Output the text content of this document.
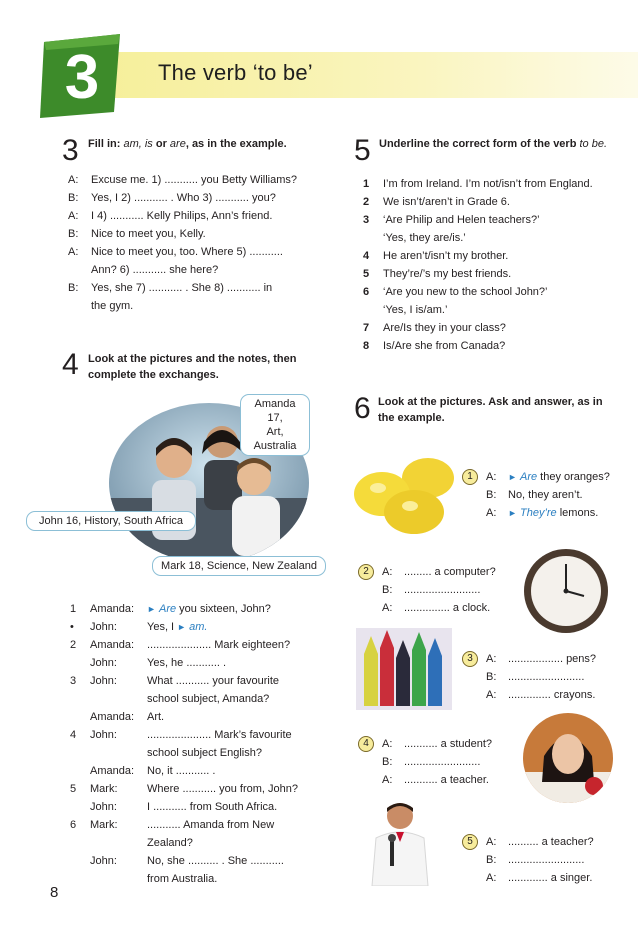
3	The verb ‘to be’
3 Fill in: am, is or are, as in the example.
A: Excuse me. 1) ........... you Betty Williams?
B: Yes, I 2) ........... . Who 3) ........... you?
A: I 4) ........... Kelly Philips, Ann’s friend.
B: Nice to meet you, Kelly.
A: Nice to meet you, too. Where 5) ...........
Ann? 6) ........... she here?
B: Yes, she 7) ........... . She 8) ........... in
the gym.
4 Look at the pictures and the notes, then
complete the exchanges.
Amanda 17,
Art,
Australia
John 16, History, South Africa
Mark 18, Science, New Zealand
1 Amanda: ► Are you sixteen, John?
• John:	Yes, I ► am.
2 Amanda: ..................... Mark eighteen?
John:	Yes, he ........... .
3 John:	What ........... your favourite
school subject, Amanda?
Amanda: Art.
4 John:	..................... Mark’s favourite
school subject English?
Amanda: No, it ........... .
5 Mark:	Where ........... you from, John?
John:	I ........... from South Africa.
6 Mark:	........... Amanda from New
Zealand?
John:	No, she .......... . She ...........
from Australia.
5 Underline the correct form of the verb to be.
1 I’m from Ireland. I’m not/isn’t from England.
2 We isn’t/aren’t in Grade 6.
3 ‘Are Philip and Helen teachers?’
‘Yes, they are/is.’
4 He aren’t/isn’t my brother.
5 They’re/’s my best friends.
6 ‘Are you new to the school John?’
‘Yes, I is/am.’
7 Are/Is they in your class?
8 Is/Are she from Canada?
6 Look at the pictures. Ask and answer, as in
the example.
1	A: ► Are they oranges?
B: No, they aren’t.
A: ► They’re lemons.
2	A: ......... a computer?
B: .........................
A: ............... a clock.
3	A: .................. pens?
B: .........................
A: .............. crayons.
4	A: ........... a student?
B: .........................
A: ........... a teacher.
5	A: .......... a teacher?
B: .........................
A: ............. a singer.
8
